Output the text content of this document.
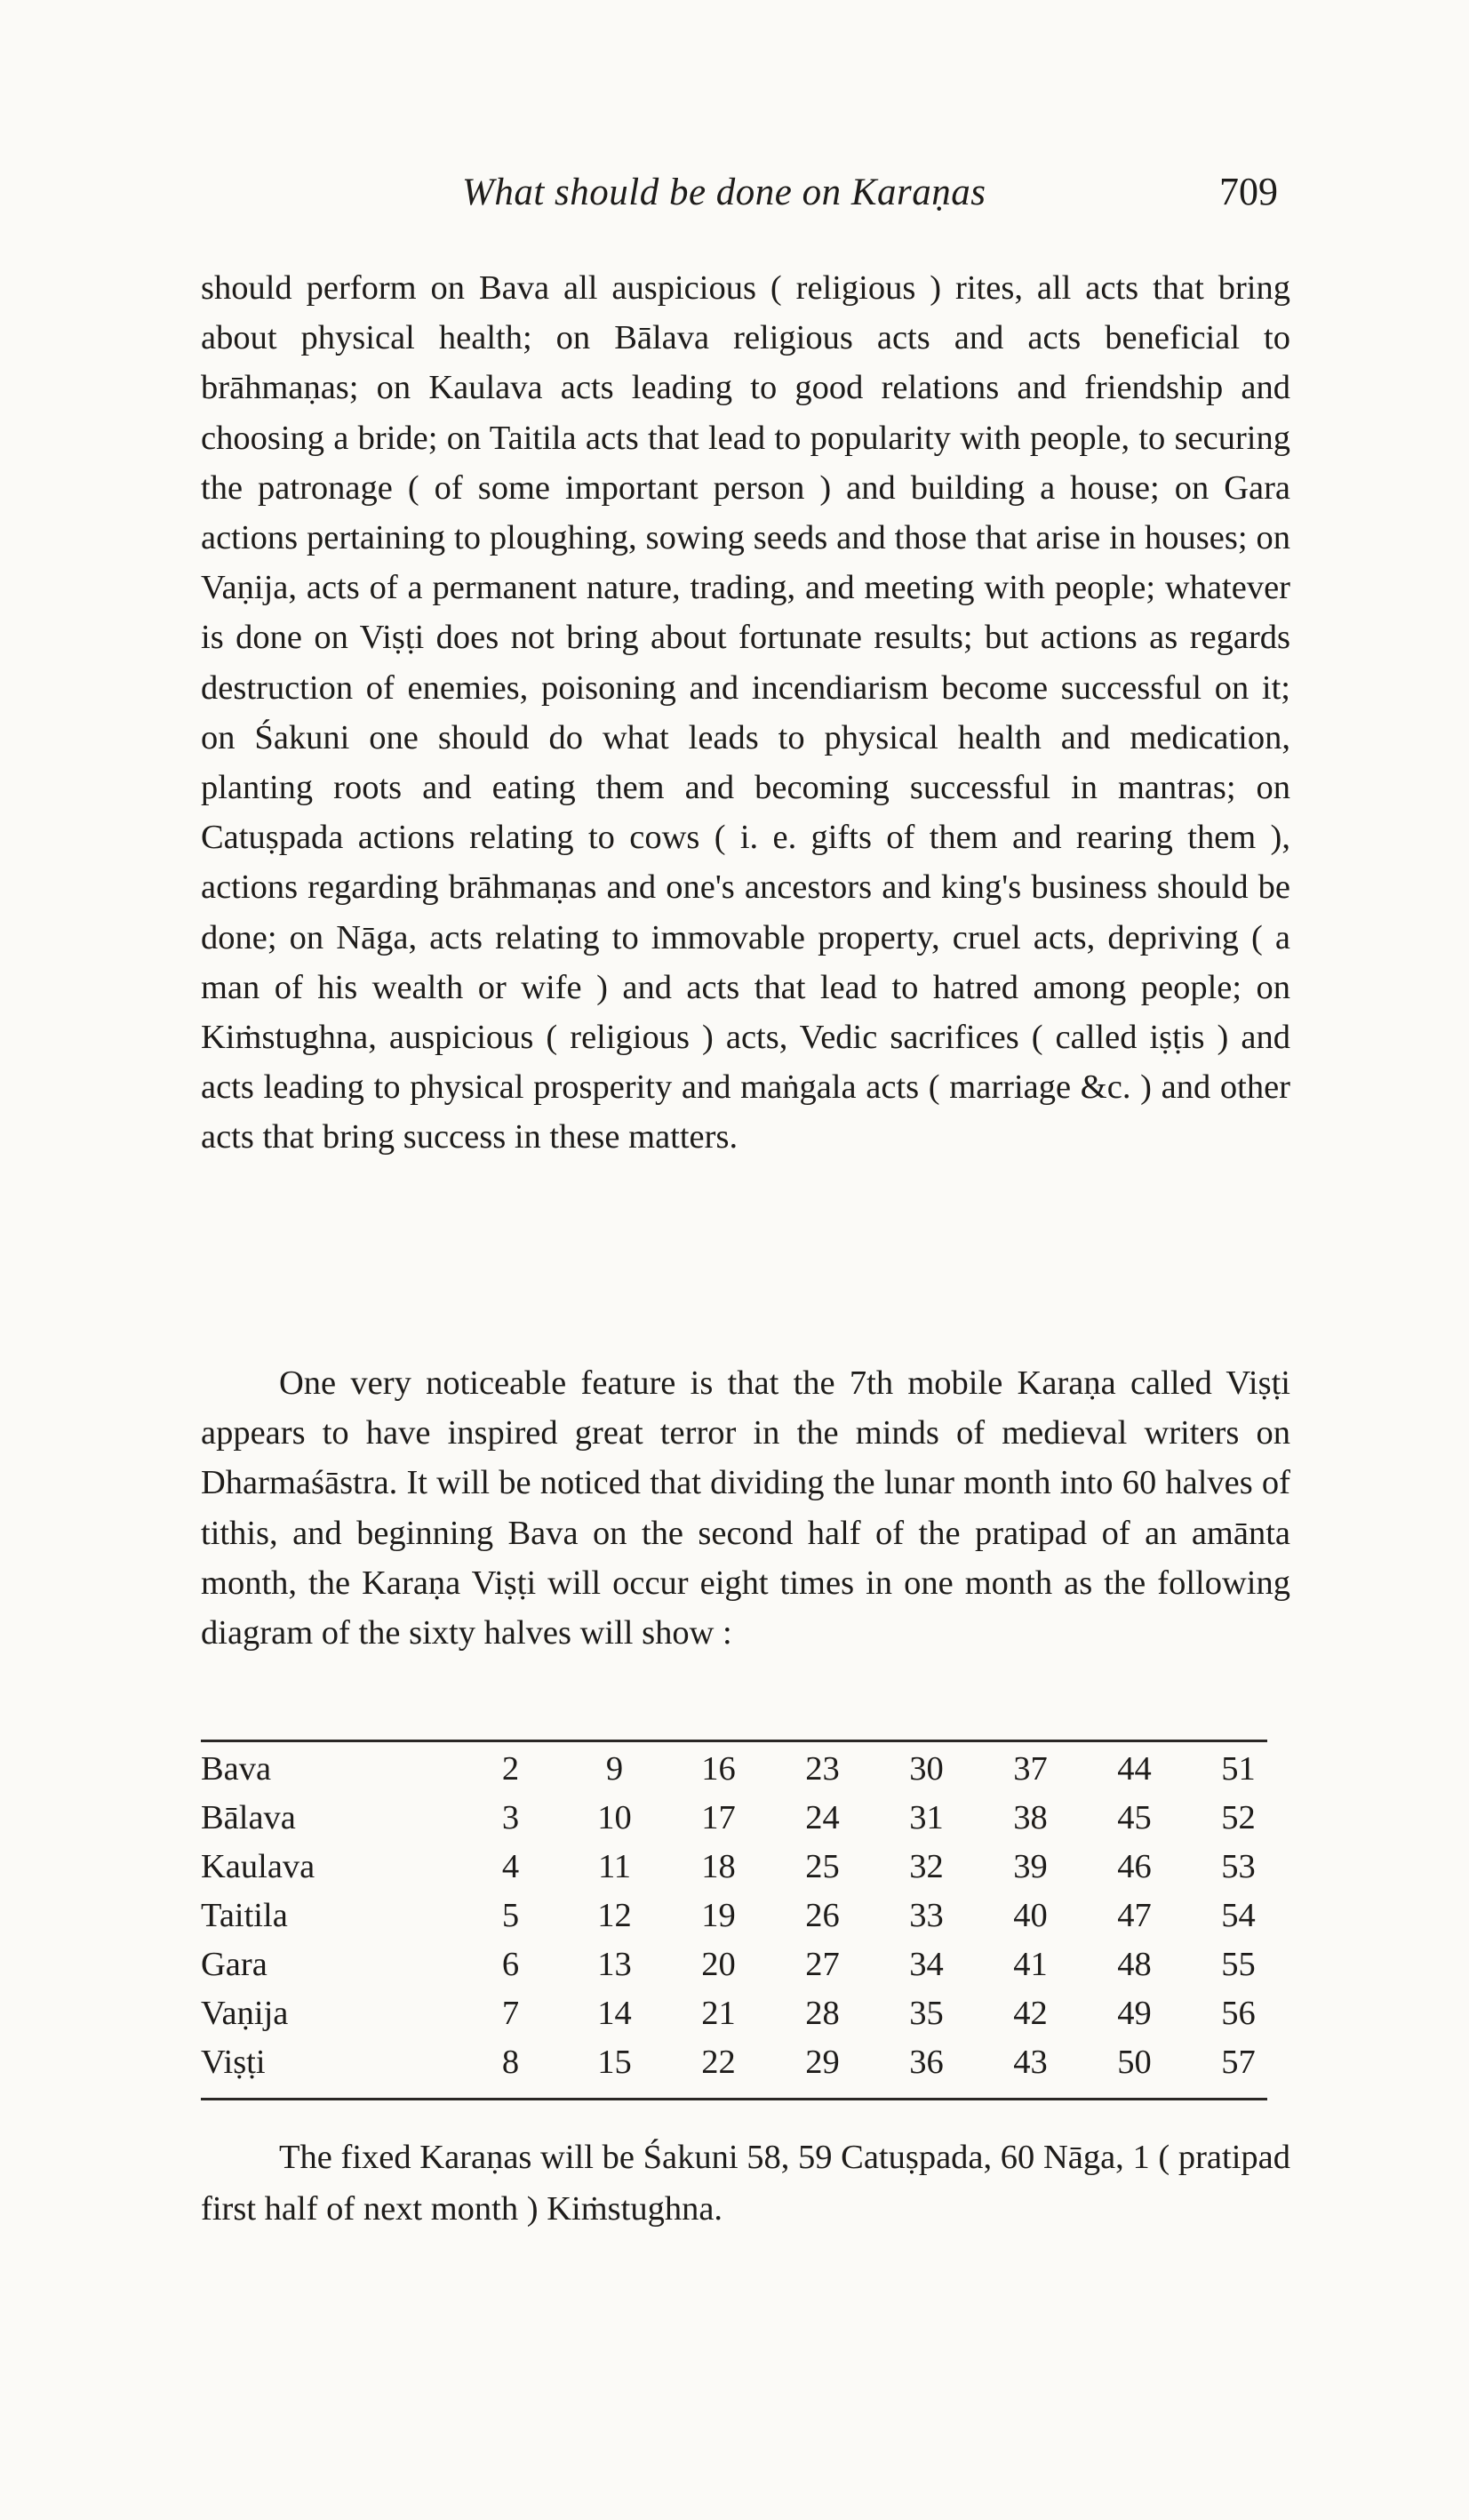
What should be done on Karaṇas	709

should perform on Bava all auspicious ( religious ) rites, all acts that bring about physical health; on Bālava religious acts and acts beneficial to brāhmaṇas; on Kaulava acts leading to good relations and friendship and choosing a bride; on Taitila acts that lead to popularity with people, to securing the patronage ( of some important person ) and building a house; on Gara actions pertaining to ploughing, sowing seeds and those that arise in houses; on Vaṇija, acts of a permanent nature, trading, and meeting with people; whatever is done on Viṣṭi does not bring about fortunate results; but actions as regards destruction of enemies, poisoning and incendiarism become successful on it; on Śakuni one should do what leads to physical health and medication, planting roots and eating them and becoming successful in mantras; on Catuṣpada actions relating to cows ( i. e. gifts of them and rearing them ), actions regarding brāhmaṇas and one's ancestors and king's business should be done; on Nāga, acts relating to immovable property, cruel acts, depriving ( a man of his wealth or wife ) and acts that lead to hatred among people; on Kiṁstughna, auspicious ( religious ) acts, Vedic sacrifices ( called iṣṭis ) and acts leading to physical prosperity and maṅgala acts ( marriage &c. ) and other acts that bring success in these matters.

One very noticeable feature is that the 7th mobile Karaṇa called Viṣṭi appears to have inspired great terror in the minds of medieval writers on Dharmaśāstra. It will be noticed that dividing the lunar month into 60 halves of tithis, and beginning Bava on the second half of the pratipad of an amānta month, the Karaṇa Viṣṭi will occur eight times in one month as the following diagram of the sixty halves will show :

Bava	2	9	16	23	30	37	44	51
Bālava	3	10	17	24	31	38	45	52
Kaulava	4	11	18	25	32	39	46	53
Taitila	5	12	19	26	33	40	47	54
Gara	6	13	20	27	34	41	48	55
Vaṇija	7	14	21	28	35	42	49	56
Viṣṭi	8	15	22	29	36	43	50	57

The fixed Karaṇas will be Śakuni 58, 59 Catuṣpada, 60 Nāga, 1 ( pratipad first half of next month ) Kiṁstughna.
